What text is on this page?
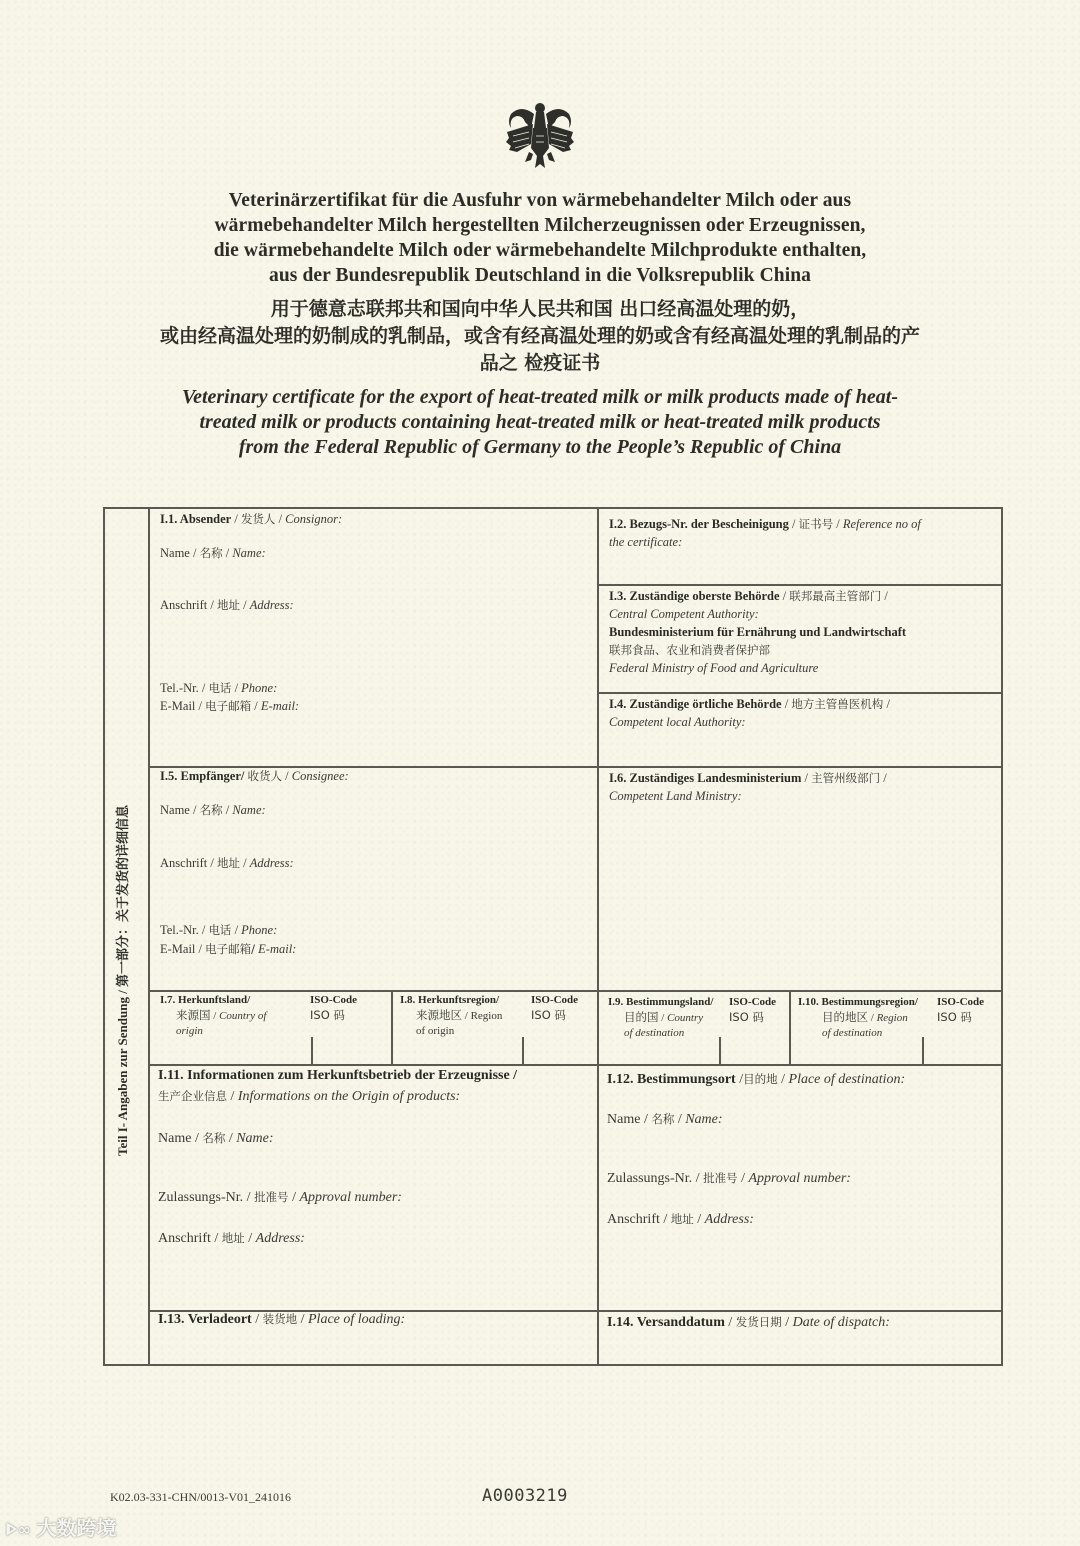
Veterinärzertifikat für die Ausfuhr von wärmebehandelter Milch oder aus
wärmebehandelter Milch hergestellten Milcherzeugnissen oder Erzeugnissen,
die wärmebehandelte Milch oder wärmebehandelte Milchprodukte enthalten,
aus der Bundesrepublik Deutschland in die Volksrepublik China
用于德意志联邦共和国向中华人民共和国 出口经高温处理的奶，
或由经高温处理的奶制成的乳制品，或含有经高温处理的奶或含有经高温处理的乳制品的产
品之 检疫证书
Veterinary certificate for the export of heat-treated milk or milk products made of heat-
treated milk or products containing heat-treated milk or heat-treated milk products
from the Federal Republic of Germany to the People’s Republic of China
Teil I- Angaben zur Sendung / 第一部分：关于发货的详细信息
I.1. Absender / 发货人 / Consignor:
Name / 名称 / Name:
Anschrift / 地址 / Address:
Tel.-Nr. / 电话 / Phone:
E-Mail / 电子邮箱 / E-mail:
I.2. Bezugs-Nr. der Bescheinigung / 证书号 / Reference no of
the certificate:
I.3. Zuständige oberste Behörde / 联邦最高主管部门 /
Central Competent Authority:
Bundesministerium für Ernährung und Landwirtschaft
联邦食品、农业和消费者保护部
Federal Ministry of Food and Agriculture
I.4. Zuständige örtliche Behörde / 地方主管兽医机构 /
Competent local Authority:
I.5. Empfänger/ 收货人 / Consignee:
Name / 名称 / Name:
Anschrift / 地址 / Address:
Tel.-Nr. / 电话 / Phone:
E-Mail / 电子邮箱/ E-mail:
I.6. Zuständiges Landesministerium / 主管州级部门 /
Competent Land Ministry:
I.7. Herkunftsland/
来源国 / Country of
origin
ISO-Code
ISO 码
I.8. Herkunftsregion/
来源地区 / Region
of origin
ISO-Code
ISO 码
I.9. Bestimmungsland/
目的国 / Country
of destination
ISO-Code
ISO 码
I.10. Bestimmungsregion/
目的地区 / Region
of destination
ISO-Code
ISO 码
I.11. Informationen zum Herkunftsbetrieb der Erzeugnisse /
生产企业信息 / Informations on the Origin of products:
Name / 名称 / Name:
Zulassungs-Nr. / 批准号 / Approval number:
Anschrift / 地址 / Address:
I.12. Bestimmungsort /目的地 / Place of destination:
Name / 名称 / Name:
Zulassungs-Nr. / 批准号 / Approval number:
Anschrift / 地址 / Address:
I.13. Verladeort / 装货地 / Place of loading:	I.14. Versanddatum / 发货日期 / Date of dispatch:
K02.03-331-CHN/0013-V01_241016	A0003219
ᐈ∞ 大数跨境
